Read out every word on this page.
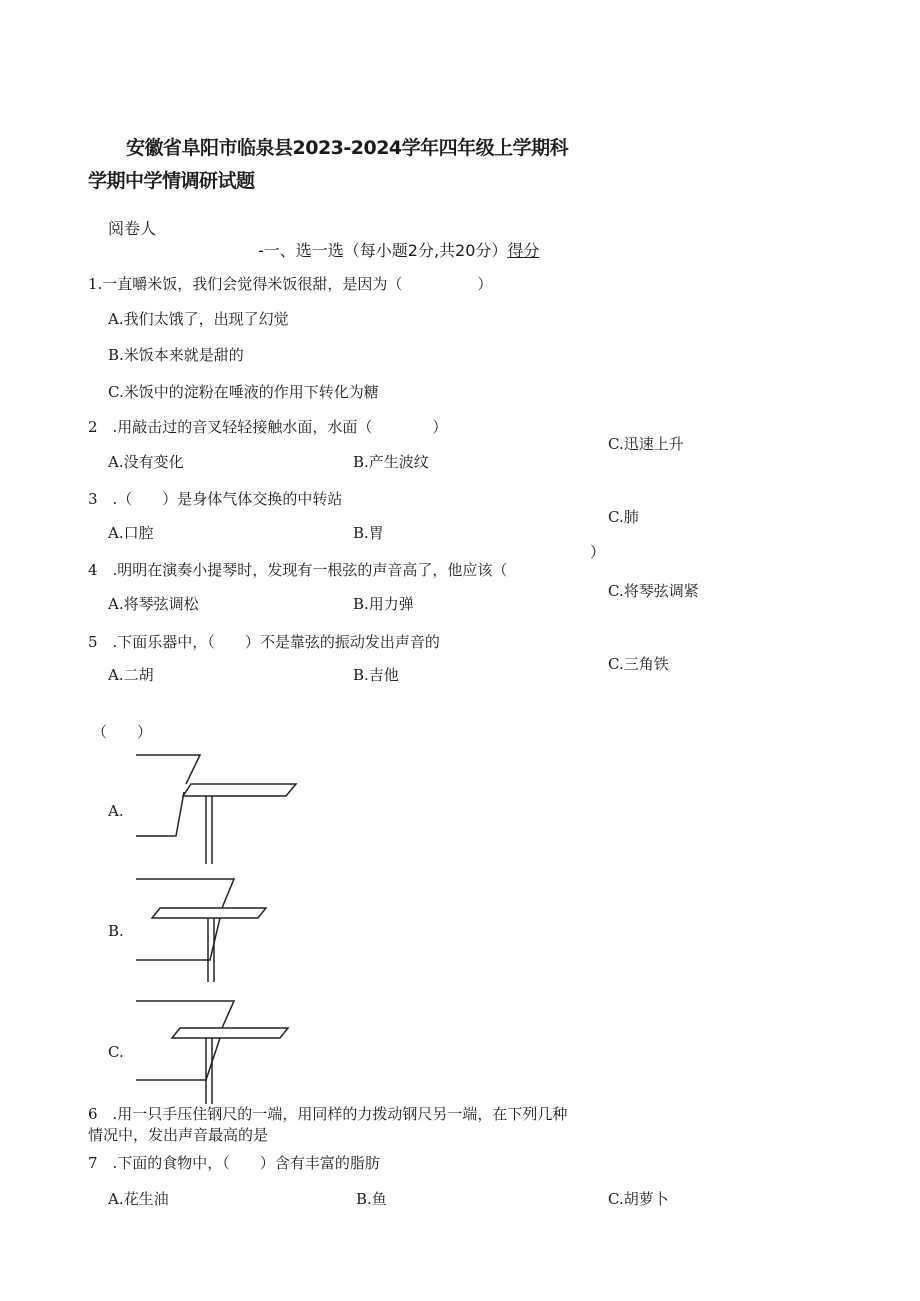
安徽省阜阳市临泉县2023-2024学年四年级上学期科
学期中学情调研试题
阅卷人
-一、选一选（每小题2分,共20分）得分
1.一直嚼米饭，我们会觉得米饭很甜，是因为（　　　　　）
A.我们太饿了，出现了幻觉
B.米饭本来就是甜的
C.米饭中的淀粉在唾液的作用下转化为糖
2　.用敲击过的音叉轻轻接触水面，水面（　　　　）
A.没有变化	B.产生波纹
C.迅速上升
3　.（　　）是身体气体交换的中转站
A.口腔	B.胃
C.肺
）
4　.明明在演奏小提琴时，发现有一根弦的声音高了，他应该（
A.将琴弦调松	B.用力弹
C.将琴弦调紧
5　.下面乐器中，（　　）不是靠弦的振动发出声音的
A.二胡	B.吉他
C.三角铁
（　　）
A.
B.
C.
6　.用一只手压住钢尺的一端，用同样的力拨动钢尺另一端，在下列几种
情况中，发出声音最高的是
7　.下面的食物中，（　　）含有丰富的脂肪
A.花生油	B.鱼	C.胡萝卜
